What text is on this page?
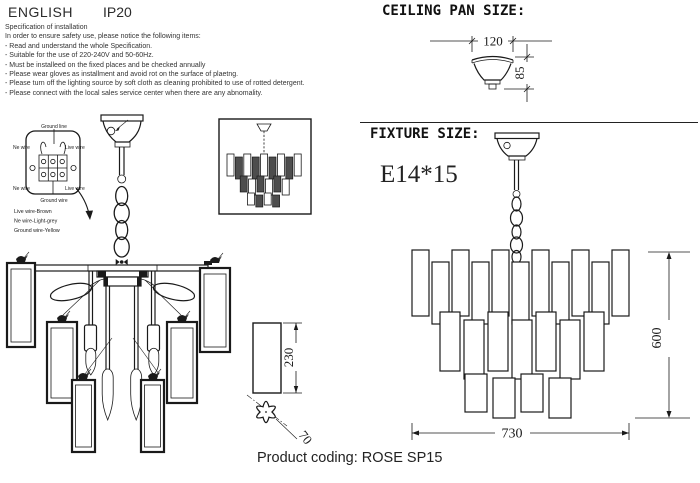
ENGLISH IP20
Specification of installation
In order to ensure safety use, please notice the following items:
- Read and understand the whole Specification.
- Suitable for the use of 220-240V and 50-60Hz.
- Must be installeed on the fixed places and be checked annually
- Please wear gloves as installment and avoid rot on the surface of plaetng.
- Please turn off the lighting source by soft cloth as cleaning prohibited to use of rotted detergent.
- Please connect with the local sales service center when there are any abnomality.
CEILING PAN SIZE:
FIXTURE SIZE:
E14*15
Product coding: ROSE SP15
Ground line
Ne wire	Live wire
Ne wire	Live wire
Ground wire
Live wire-Brown
Ne wire-Light-grey
Ground wire-Yellow
120
85
230
70
600
730
